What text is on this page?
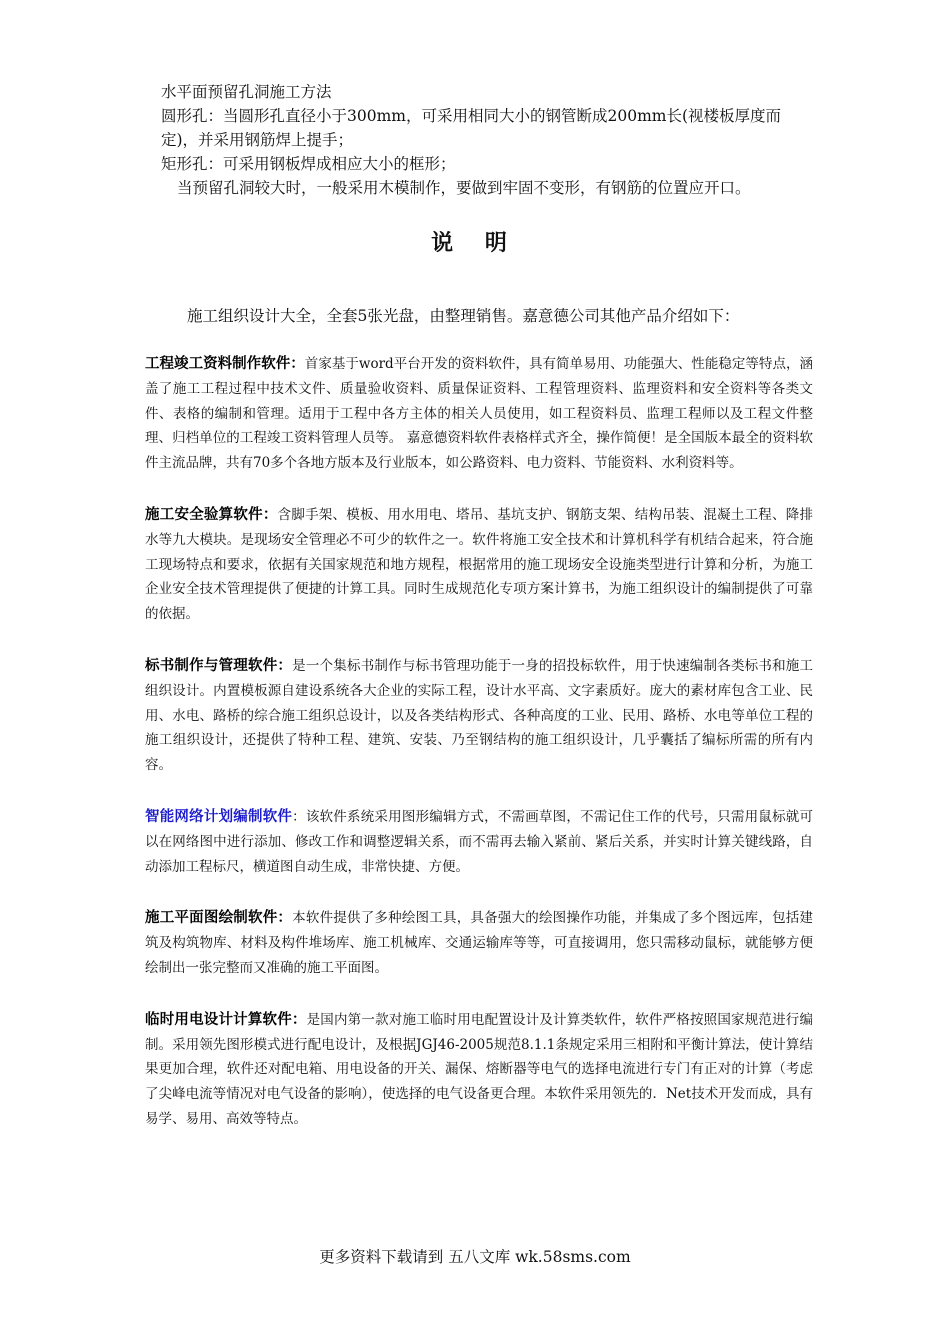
水平面预留孔洞施工方法

圆形孔：当圆形孔直径小于300mm，可采用相同大小的钢管断成200mm长(视楼板厚度而定)，并采用钢筋焊上提手；

矩形孔：可采用钢板焊成相应大小的框形；

当预留孔洞较大时，一般采用木模制作，要做到牢固不变形，有钢筋的位置应开口。

说 明
施工组织设计大全，全套5张光盘，由整理销售。嘉意德公司其他产品介绍如下：

工程竣工资料制作软件：首家基于word平台开发的资料软件，具有简单易用、功能强大、性能稳定等特点，涵盖了施工工程过程中技术文件、质量验收资料、质量保证资料、工程管理资料、监理资料和安全资料等各类文件、表格的编制和管理。适用于工程中各方主体的相关人员使用，如工程资料员、监理工程师以及工程文件整理、归档单位的工程竣工资料管理人员等。 嘉意德资料软件表格样式齐全，操作简便！是全国版本最全的资料软件主流品牌，共有70多个各地方版本及行业版本，如公路资料、电力资料、节能资料、水利资料等。

施工安全验算软件：含脚手架、模板、用水用电、塔吊、基坑支护、钢筋支架、结构吊装、混凝土工程、降排水等九大模块。是现场安全管理必不可少的软件之一。软件将施工安全技术和计算机科学有机结合起来，符合施工现场特点和要求，依据有关国家规范和地方规程，根据常用的施工现场安全设施类型进行计算和分析，为施工企业安全技术管理提供了便捷的计算工具。同时生成规范化专项方案计算书，为施工组织设计的编制提供了可靠的依据。

标书制作与管理软件：是一个集标书制作与标书管理功能于一身的招投标软件，用于快速编制各类标书和施工组织设计。内置模板源自建设系统各大企业的实际工程，设计水平高、文字素质好。庞大的素材库包含工业、民用、水电、路桥的综合施工组织总设计，以及各类结构形式、各种高度的工业、民用、路桥、水电等单位工程的施工组织设计，还提供了特种工程、建筑、安装、乃至钢结构的施工组织设计，几乎囊括了编标所需的所有内容。

智能网络计划编制软件：该软件系统采用图形编辑方式，不需画草图，不需记住工作的代号，只需用鼠标就可以在网络图中进行添加、修改工作和调整逻辑关系，而不需再去输入紧前、紧后关系，并实时计算关键线路，自动添加工程标尺，横道图自动生成，非常快捷、方便。

施工平面图绘制软件：本软件提供了多种绘图工具，具备强大的绘图操作功能，并集成了多个图远库，包括建筑及构筑物库、材料及构件堆场库、施工机械库、交通运输库等等，可直接调用，您只需移动鼠标，就能够方便绘制出一张完整而又准确的施工平面图。

临时用电设计计算软件：是国内第一款对施工临时用电配置设计及计算类软件，软件严格按照国家规范进行编制。采用领先图形模式进行配电设计，及根据JGJ46-2005规范8.1.1条规定采用三相附和平衡计算法，使计算结果更加合理，软件还对配电箱、用电设备的开关、漏保、熔断器等电气的选择电流进行专门有正对的计算（考虑了尖峰电流等情况对电气设备的影响），使选择的电气设备更合理。本软件采用领先的．Net技术开发而成，具有易学、易用、高效等特点。

更多资料下载请到 五八文库 wk.58sms.com
